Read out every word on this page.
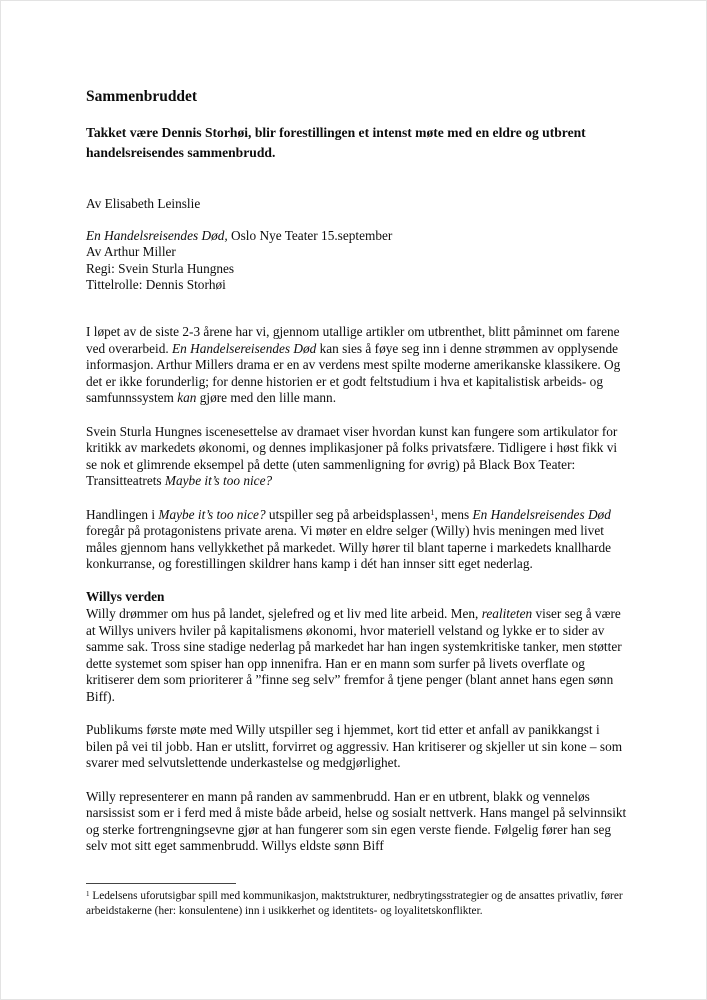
Sammenbruddet
Takket være Dennis Storhøi, blir forestillingen et intenst møte med en eldre og utbrent handelsreisendes sammenbrudd.
Av Elisabeth Leinslie
En Handelsreisendes Død, Oslo Nye Teater 15.september
Av Arthur Miller
Regi: Svein Sturla Hungnes
Tittelrolle: Dennis Storhøi
I løpet av de siste 2-3 årene har vi, gjennom utallige artikler om utbrenthet, blitt påminnet om farene ved overarbeid. En Handelsereisendes Død kan sies å føye seg inn i denne strømmen av opplysende informasjon. Arthur Millers drama er en av verdens mest spilte moderne amerikanske klassikere. Og det er ikke forunderlig; for denne historien er et godt feltstudium i hva et kapitalistisk arbeids- og samfunnssystem kan gjøre med den lille mann.
Svein Sturla Hungnes iscenesettelse av dramaet viser hvordan kunst kan fungere som artikulator for kritikk av markedets økonomi, og dennes implikasjoner på folks privatsfære. Tidligere i høst fikk vi se nok et glimrende eksempel på dette (uten sammenligning for øvrig) på Black Box Teater: Transitteatrets Maybe it’s too nice?
Handlingen i Maybe it’s too nice? utspiller seg på arbeidsplassen$^1$, mens En Handelsreisendes Død foregår på protagonistens private arena. Vi møter en eldre selger (Willy) hvis meningen med livet måles gjennom hans vellykkethet på markedet. Willy hører til blant taperne i markedets knallharde konkurranse, og forestillingen skildrer hans kamp i dét han innser sitt eget nederlag.
Willys verden
Willy drømmer om hus på landet, sjelefred og et liv med lite arbeid. Men, realiteten viser seg å være at Willys univers hviler på kapitalismens økonomi, hvor materiell velstand og lykke er to sider av samme sak. Tross sine stadige nederlag på markedet har han ingen systemkritiske tanker, men støtter dette systemet som spiser han opp innenifra. Han er en mann som surfer på livets overflate og kritiserer dem som prioriterer å ”finne seg selv” fremfor å tjene penger (blant annet hans egen sønn Biff).
Publikums første møte med Willy utspiller seg i hjemmet, kort tid etter et anfall av panikkangst i bilen på vei til jobb. Han er utslitt, forvirret og aggressiv. Han kritiserer og skjeller ut sin kone – som svarer med selvutslettende underkastelse og medgjørlighet.
Willy representerer en mann på randen av sammenbrudd. Han er en utbrent, blakk og venneløs narsissist som er i ferd med å miste både arbeid, helse og sosialt nettverk. Hans mangel på selvinnsikt og sterke fortrengningsevne gjør at han fungerer som sin egen verste fiende. Følgelig fører han seg selv mot sitt eget sammenbrudd. Willys eldste sønn Biff
$^1$ Ledelsens uforutsigbar spill med kommunikasjon, maktstrukturer, nedbrytingsstrategier og de ansattes privatliv, fører arbeidstakerne (her: konsulentene) inn i usikkerhet og identitets- og loyalitetskonflikter.
